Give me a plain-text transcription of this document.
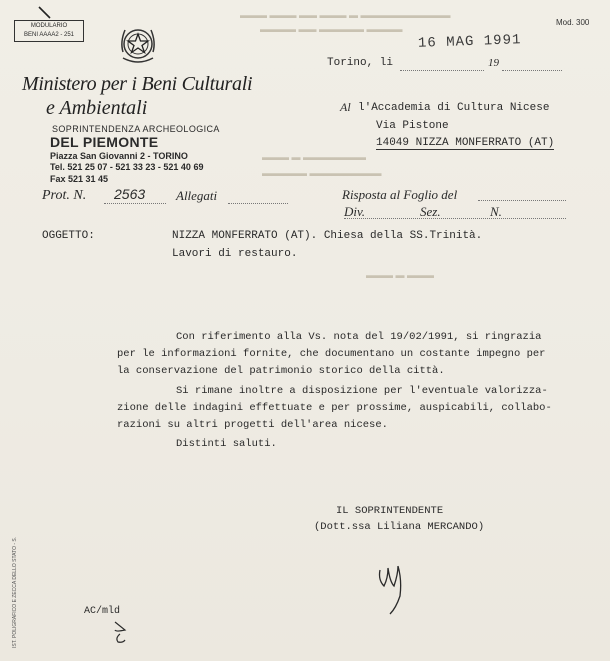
MODULARIO
BENI AAAA2 - 251
Mod. 300
▬▬▬ ▬▬▬ ▬▬ ▬▬▬ ▬ ▬▬▬▬▬▬▬▬▬▬
▬▬▬▬ ▬▬ ▬▬▬▬▬ ▬▬▬▬
▬▬▬ ▬ ▬▬▬▬▬▬▬
▬▬▬▬▬ ▬▬▬▬▬▬▬▬
▬▬▬ ▬ ▬▬▬
Ministero per i Beni Culturali
e Ambientali
SOPRINTENDENZA ARCHEOLOGICA
DEL PIEMONTE
Piazza San Giovanni 2 - TORINO
Tel. 521 25 07 - 521 33 23 - 521 40 69
Fax 521 31 45
16 MAG 1991
Torino, li	19
Al l'Accademia di Cultura Nicese
Via Pistone
14049 NIZZA MONFERRATO (AT)
Prot. N. 2563 Allegati	Risposta al Foglio del
Div.	Sez.	N.
OGGETTO:	NIZZA MONFERRATO (AT). Chiesa della SS.Trinità.
Lavori di restauro.
Con riferimento alla Vs. nota del 19/02/1991, si ringrazia
per le informazioni fornite, che documentano un costante impegno per
la conservazione del patrimonio storico della città.
Si rimane inoltre a disposizione per l'eventuale valorizza-
zione delle indagini effettuate e per prossime, auspicabili, collabo-
razioni su altri progetti dell'area nicese.
Distinti saluti.
IL SOPRINTENDENTE
(Dott.ssa Liliana MERCANDO)
AC/mld
IST. POLIGRAFICO E ZECCA DELLO STATO - S.
